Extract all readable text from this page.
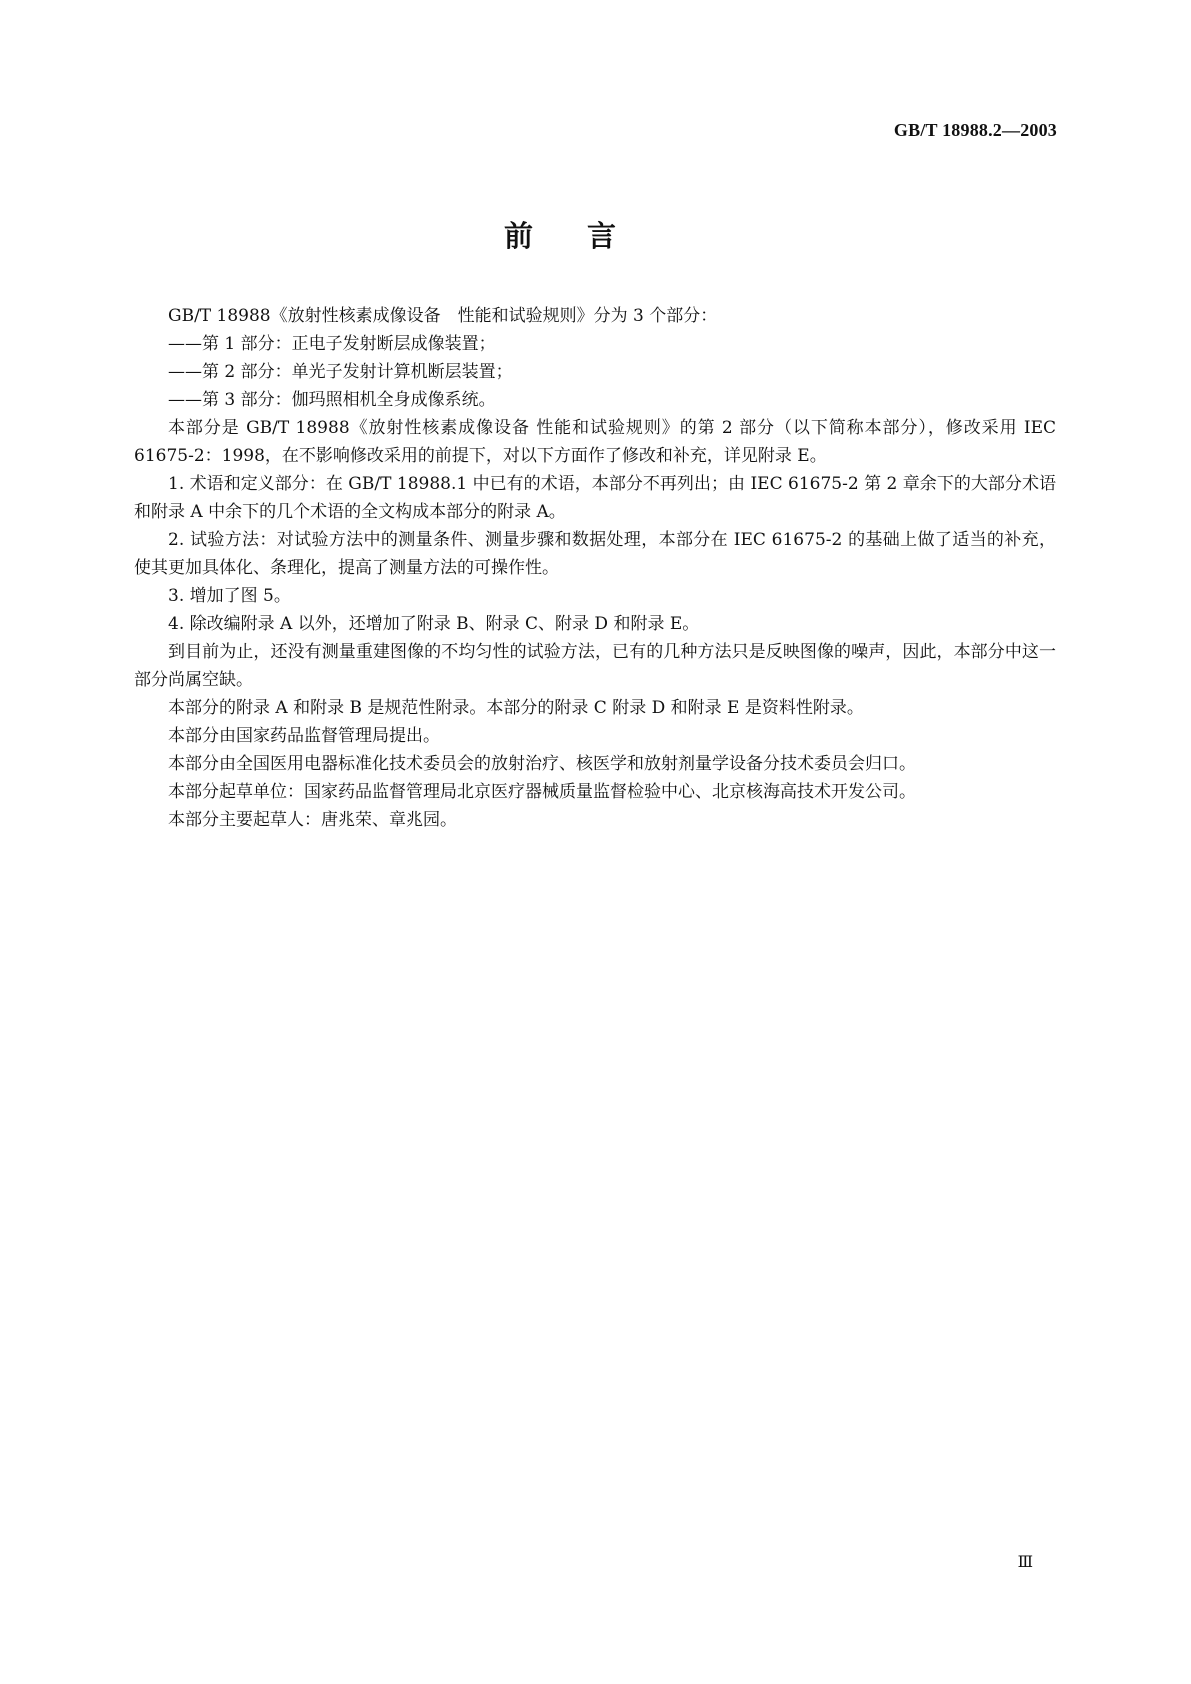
GB/T 18988.2—2003
前言

GB/T 18988《放射性核素成像设备　性能和试验规则》分为 3 个部分：

——第 1 部分：正电子发射断层成像装置；

——第 2 部分：单光子发射计算机断层装置；

——第 3 部分：伽玛照相机全身成像系统。

本部分是 GB/T 18988《放射性核素成像设备 性能和试验规则》的第 2 部分（以下简称本部分），修改采用 IEC 61675-2：1998，在不影响修改采用的前提下，对以下方面作了修改和补充，详见附录 E。

1. 术语和定义部分：在 GB/T 18988.1 中已有的术语，本部分不再列出；由 IEC 61675-2 第 2 章余下的大部分术语和附录 A 中余下的几个术语的全文构成本部分的附录 A。

2. 试验方法：对试验方法中的测量条件、测量步骤和数据处理，本部分在 IEC 61675-2 的基础上做了适当的补充，使其更加具体化、条理化，提高了测量方法的可操作性。

3. 增加了图 5。

4. 除改编附录 A 以外，还增加了附录 B、附录 C、附录 D 和附录 E。

到目前为止，还没有测量重建图像的不均匀性的试验方法，已有的几种方法只是反映图像的噪声，因此，本部分中这一部分尚属空缺。

本部分的附录 A 和附录 B 是规范性附录。本部分的附录 C 附录 D 和附录 E 是资料性附录。

本部分由国家药品监督管理局提出。

本部分由全国医用电器标准化技术委员会的放射治疗、核医学和放射剂量学设备分技术委员会归口。

本部分起草单位：国家药品监督管理局北京医疗器械质量监督检验中心、北京核海高技术开发公司。

本部分主要起草人：唐兆荣、章兆园。

Ⅲ
